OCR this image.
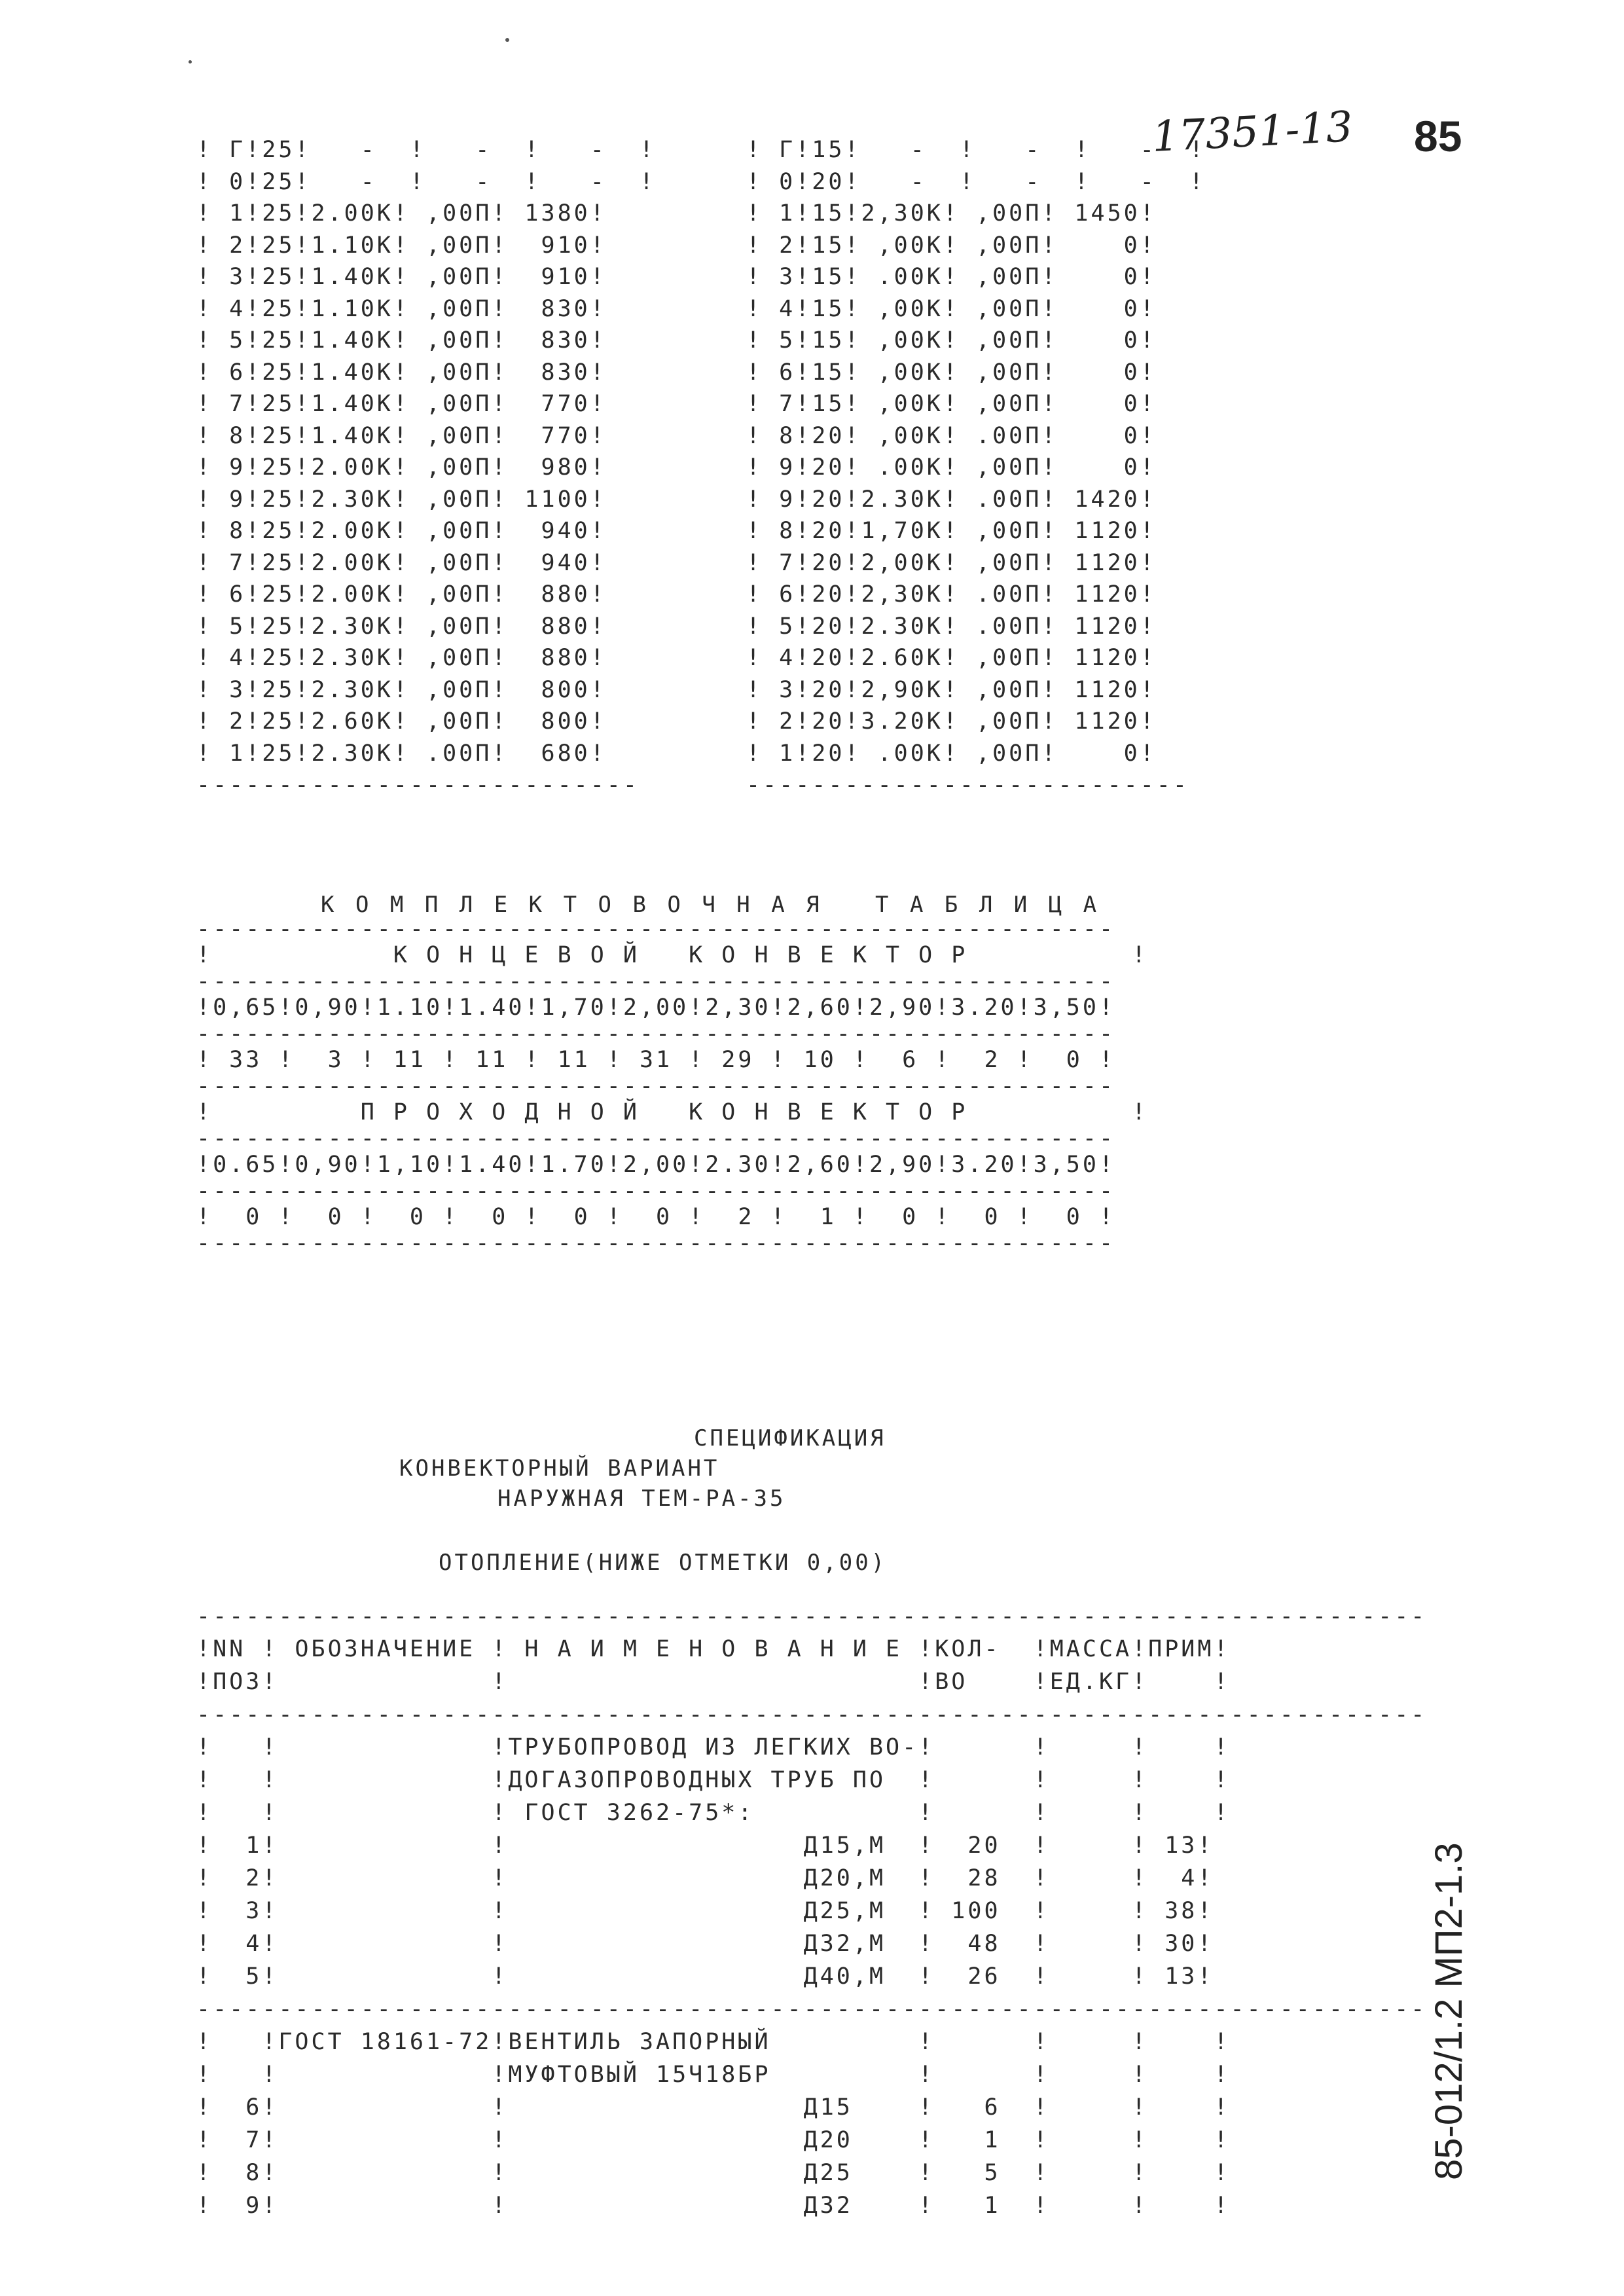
17351-13 85
85-012/1.2 МП2-1.3
! Г!25!   -  !   -  !   -  !
! 0!25!   -  !   -  !   -  !
! 1!25!2.00К! ,00П! 1380!
! 2!25!1.10К! ,00П!  910!
! 3!25!1.40К! ,00П!  910!
! 4!25!1.10К! ,00П!  830!
! 5!25!1.40К! ,00П!  830!
! 6!25!1.40К! ,00П!  830!
! 7!25!1.40К! ,00П!  770!
! 8!25!1.40К! ,00П!  770!
! 9!25!2.00К! ,00П!  980!
! 9!25!2.30К! ,00П! 1100!
! 8!25!2.00К! ,00П!  940!
! 7!25!2.00К! ,00П!  940!
! 6!25!2.00К! ,00П!  880!
! 5!25!2.30К! ,00П!  880!
! 4!25!2.30К! ,00П!  880!
! 3!25!2.30К! ,00П!  800!
! 2!25!2.60К! ,00П!  800!
! 1!25!2.30К! .00П!  680!
---------------------------
! Г!15!   -  !   -  !   -  !
! 0!20!   -  !   -  !   -  !
! 1!15!2,30К! ,00П! 1450!
! 2!15! ,00К! ,00П!    0!
! 3!15! .00К! ,00П!    0!
! 4!15! ,00К! ,00П!    0!
! 5!15! ,00К! ,00П!    0!
! 6!15! ,00К! ,00П!    0!
! 7!15! ,00К! ,00П!    0!
! 8!20! ,00К! .00П!    0!
! 9!20! .00К! ,00П!    0!
! 9!20!2.30К! .00П! 1420!
! 8!20!1,70К! ,00П! 1120!
! 7!20!2,00К! ,00П! 1120!
! 6!20!2,30К! .00П! 1120!
! 5!20!2.30К! .00П! 1120!
! 4!20!2.60К! ,00П! 1120!
! 3!20!2,90К! ,00П! 1120!
! 2!20!3.20К! ,00П! 1120!
! 1!20! .00К! ,00П!    0!
---------------------------
К О М П Л Е К Т О В О Ч Н А Я   Т А Б Л И Ц А
--------------------------------------------------------
!           К О Н Ц Е В О Й   К О Н В Е К Т О Р          !
--------------------------------------------------------
!0,65!0,90!1.10!1.40!1,70!2,00!2,30!2,60!2,90!3.20!3,50!
--------------------------------------------------------
! 33 !  3 ! 11 ! 11 ! 11 ! 31 ! 29 ! 10 !  6 !  2 !  0 !
--------------------------------------------------------
!         П Р О Х О Д Н О Й   К О Н В Е К Т О Р          !
--------------------------------------------------------
!0.65!0,90!1,10!1.40!1.70!2,00!2.30!2,60!2,90!3.20!3,50!
--------------------------------------------------------
!  0 !  0 !  0 !  0 !  0 !  0 !  2 !  1 !  0 !  0 !  0 !
--------------------------------------------------------
СПЕЦИФИКАЦИЯ
КОНВЕКТОРНЫЙ ВАРИАНТ
НАРУЖНАЯ ТЕМ-РА-35
ОТОПЛЕНИЕ(НИЖЕ ОТМЕТКИ 0,00)
---------------------------------------------------------------------------
!NN ! ОБОЗНАЧЕНИЕ ! Н А И М Е Н О В А Н И Е !КОЛ-  !МАССА!ПРИМ!
!ПОЗ!             !                         !ВО    !ЕД.КГ!    !
---------------------------------------------------------------------------
!   !             !ТРУБОПРОВОД ИЗ ЛЕГКИХ ВО-!      !     !    !
!   !             !ДОГАЗОПРОВОДНЫХ ТРУБ ПО  !      !     !    !
!   !             ! ГОСТ 3262-75*:          !      !     !    !
!  1!             !                  Д15,М  !  20  !     ! 13!
!  2!             !                  Д20,М  !  28  !     !  4!
!  3!             !                  Д25,М  ! 100  !     ! 38!
!  4!             !                  Д32,М  !  48  !     ! 30!
!  5!             !                  Д40,М  !  26  !     ! 13!
---------------------------------------------------------------------------
!   !ГОСТ 18161-72!ВЕНТИЛЬ ЗАПОРНЫЙ         !      !     !    !
!   !             !МУФТОВЫЙ 15Ч18БР         !      !     !    !
!  6!             !                  Д15    !   6  !     !    !
!  7!             !                  Д20    !   1  !     !    !
!  8!             !                  Д25    !   5  !     !    !
!  9!             !                  Д32    !   1  !     !    !
